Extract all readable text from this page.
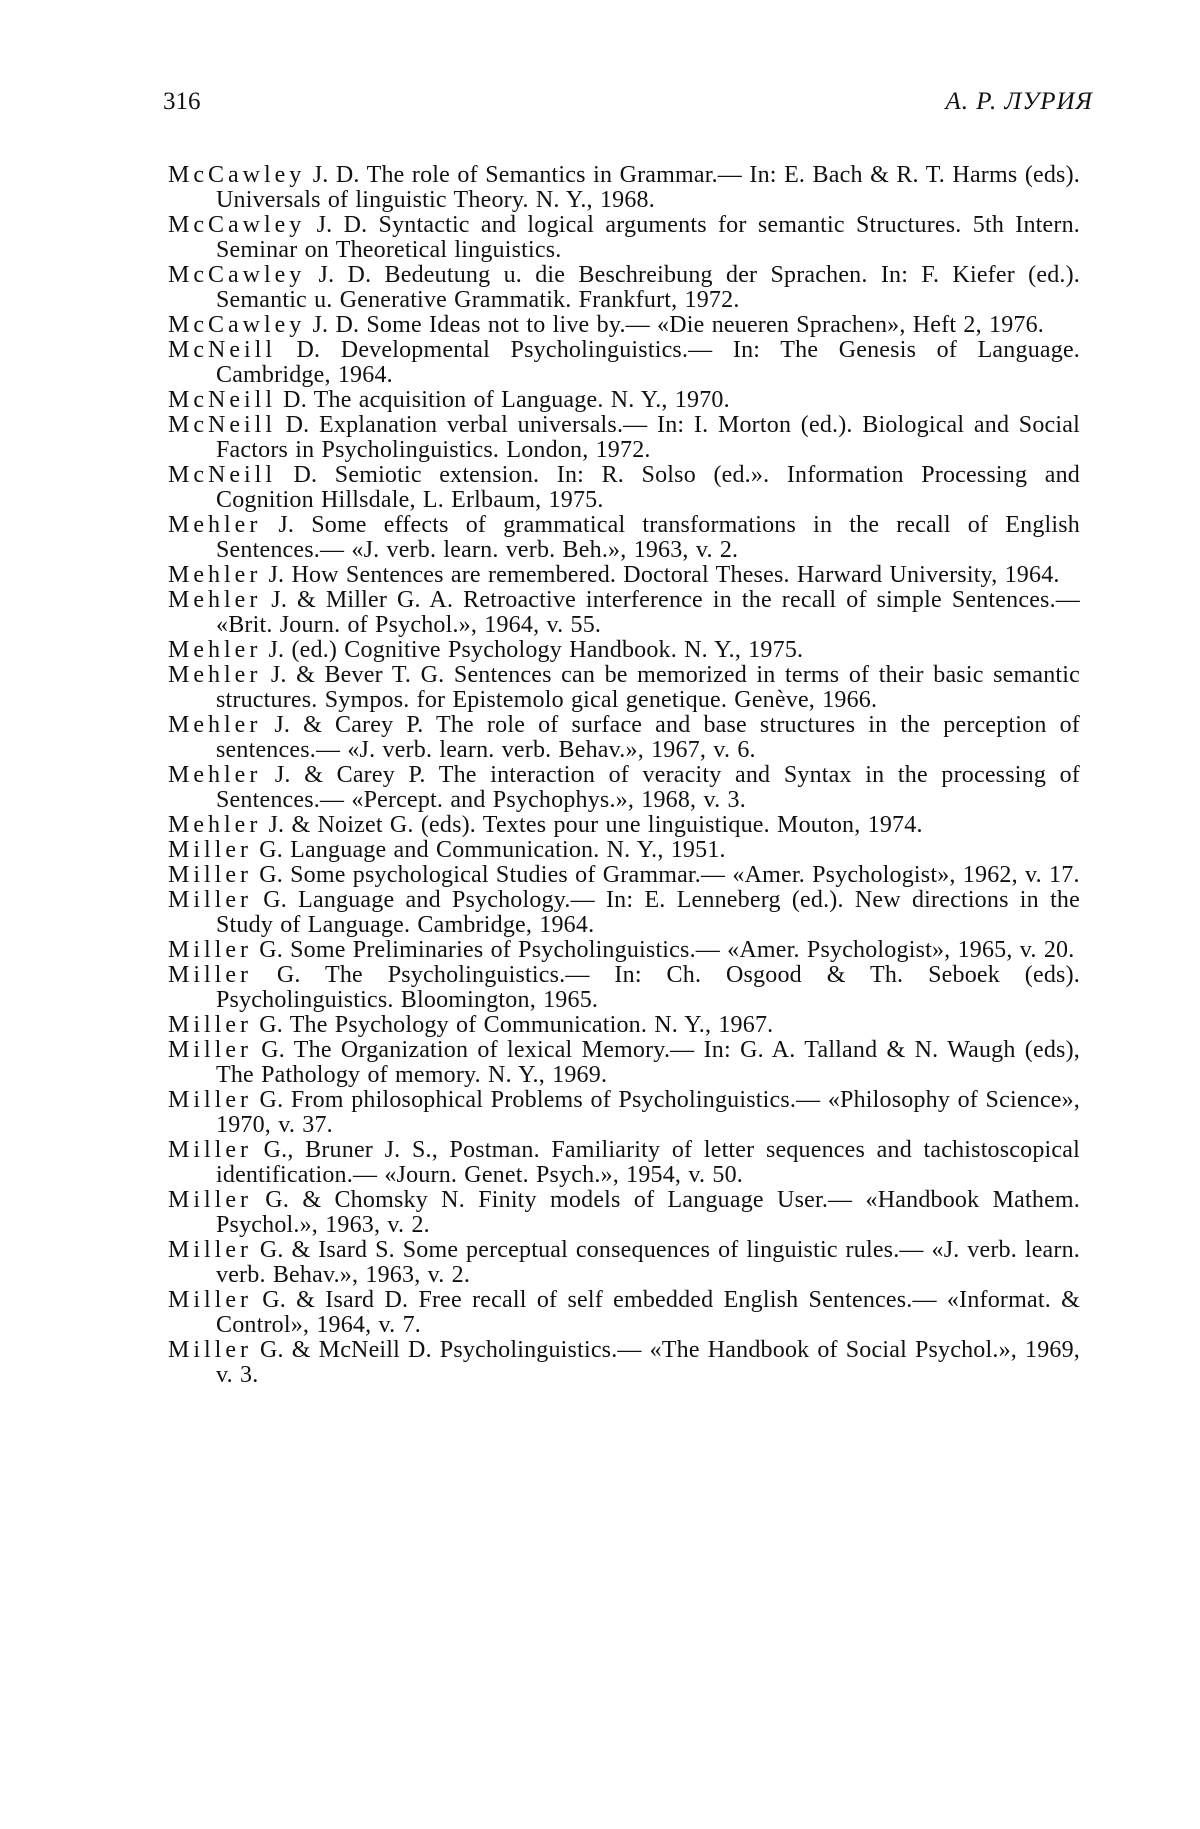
316	А. Р. ЛУРИЯ
McCawley J. D. The role of Semantics in Grammar.— In: E. Bach & R. T. Harms (eds). Universals of linguistic Theory. N. Y., 1968.
McCawley J. D. Syntactic and logical arguments for semantic Structures. 5th Intern. Seminar on Theoretical linguistics.
McCawley J. D. Bedeutung u. die Beschreibung der Sprachen. In: F. Kiefer (ed.). Semantic u. Generative Grammatik. Frankfurt, 1972.
McCawley J. D. Some Ideas not to live by.— «Die neueren Sprachen», Heft 2, 1976.
McNeill D. Developmental Psycholinguistics.— In: The Genesis of Language. Cambridge, 1964.
McNeill D. The acquisition of Language. N. Y., 1970.
McNeill D. Explanation verbal universals.— In: I. Morton (ed.). Biological and Social Factors in Psycholinguistics. London, 1972.
McNeill D. Semiotic extension. In: R. Solso (ed.». Information Processing and Cognition Hillsdale, L. Erlbaum, 1975.
Mehler J. Some effects of grammatical transformations in the recall of English Sentences.— «J. verb. learn. verb. Beh.», 1963, v. 2.
Mehler J. How Sentences are remembered. Doctoral Theses. Harward University, 1964.
Mehler J. & Miller G. A. Retroactive interference in the recall of simple Sentences.— «Brit. Journ. of Psychol.», 1964, v. 55.
Mehler J. (ed.) Cognitive Psychology Handbook. N. Y., 1975.
Mehler J. & Bever T. G. Sentences can be memorized in terms of their basic semantic structures. Sympos. for Epistemolo gical genetique. Genève, 1966.
Mehler J. & Carey P. The role of surface and base structures in the perception of sentences.— «J. verb. learn. verb. Behav.», 1967, v. 6.
Mehler J. & Carey P. The interaction of veracity and Syntax in the processing of Sentences.— «Percept. and Psychophys.», 1968, v. 3.
Mehler J. & Noizet G. (eds). Textes pour une linguistique. Mouton, 1974.
Miller G. Language and Communication. N. Y., 1951.
Miller G. Some psychological Studies of Grammar.— «Amer. Psychologist», 1962, v. 17.
Miller G. Language and Psychology.— In: E. Lenneberg (ed.). New directions in the Study of Language. Cambridge, 1964.
Miller G. Some Preliminaries of Psycholinguistics.— «Amer. Psychologist», 1965, v. 20.
Miller G. The Psycholinguistics.— In: Ch. Osgood & Th. Seboek (eds). Psycholinguistics. Bloomington, 1965.
Miller G. The Psychology of Communication. N. Y., 1967.
Miller G. The Organization of lexical Memory.— In: G. A. Talland & N. Waugh (eds), The Pathology of memory. N. Y., 1969.
Miller G. From philosophical Problems of Psycholinguistics.— «Philosophy of Science», 1970, v. 37.
Miller G., Bruner J. S., Postman. Familiarity of letter sequences and tachistoscopical identification.— «Journ. Genet. Psych.», 1954, v. 50.
Miller G. & Chomsky N. Finity models of Language User.— «Handbook Mathem. Psychol.», 1963, v. 2.
Miller G. & Isard S. Some perceptual consequences of linguistic rules.— «J. verb. learn. verb. Behav.», 1963, v. 2.
Miller G. & Isard D. Free recall of self embedded English Sentences.— «Informat. & Control», 1964, v. 7.
Miller G. & McNeill D. Psycholinguistics.— «The Handbook of Social Psychol.», 1969, v. 3.
